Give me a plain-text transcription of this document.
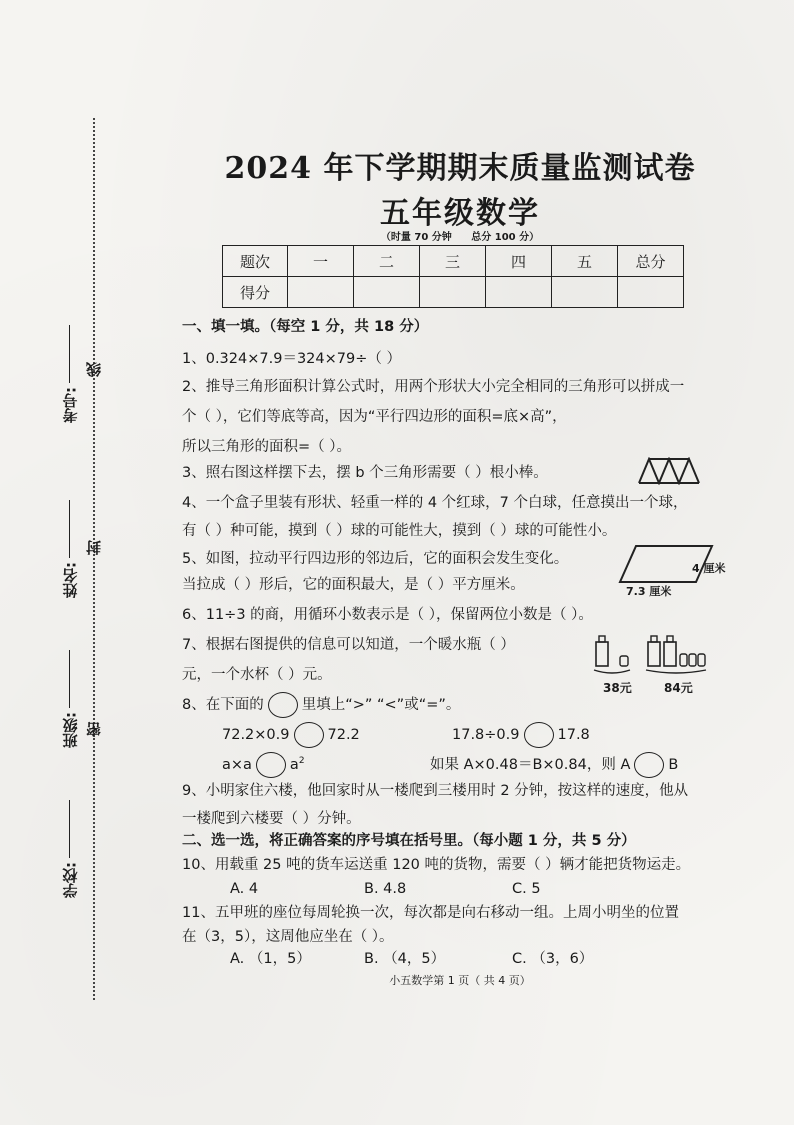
考号:
姓名:
班级:
学校:
线
封
密
2024 年下学期期末质量监测试卷
五年级数学
（时量 70 分钟 总分 100 分）
题次	一	二	三	四	五	总分
得分						
一、填一填。（每空 1 分，共 18 分）
1、0.324×7.9＝324×79÷（ ）
2、推导三角形面积计算公式时，用两个形状大小完全相同的三角形可以拼成一
个（ ），它们等底等高，因为“平行四边形的面积=底×高”，
所以三角形的面积=（ ）。
3、照右图这样摆下去，摆 b 个三角形需要（ ）根小棒。
4、一个盒子里装有形状、轻重一样的 4 个红球，7 个白球，任意摸出一个球，
有（ ）种可能，摸到（ ）球的可能性大，摸到（ ）球的可能性小。
5、如图，拉动平行四边形的邻边后，它的面积会发生变化。
当拉成（ ）形后，它的面积最大，是（ ）平方厘米。
6、11÷3 的商，用循环小数表示是（ ），保留两位小数是（ ）。
7、根据右图提供的信息可以知道，一个暖水瓶（ ）
元，一个水杯（ ）元。
8、在下面的	里填上“>” “<”或“=”。
72.2×0.9	72.2	17.8÷0.9	17.8
a×a	$a^2$	如果 A×0.48＝B×0.84，则 A	B
9、小明家住六楼，他回家时从一楼爬到三楼用时 2 分钟，按这样的速度，他从
一楼爬到六楼要（ ）分钟。
二、选一选，将正确答案的序号填在括号里。（每小题 1 分，共 5 分）
10、用载重 25 吨的货车运送重 120 吨的货物，需要（ ）辆才能把货物运走。
A. 4	B. 4.8	C. 5
11、五甲班的座位每周轮换一次，每次都是向右移动一组。上周小明坐的位置
在（3，5），这周他应坐在（ ）。
A. （1，5）	B. （4，5）	C. （3，6）
4 厘米
7.3 厘米
38元	84元
小五数学第 1 页（ 共 4 页）
